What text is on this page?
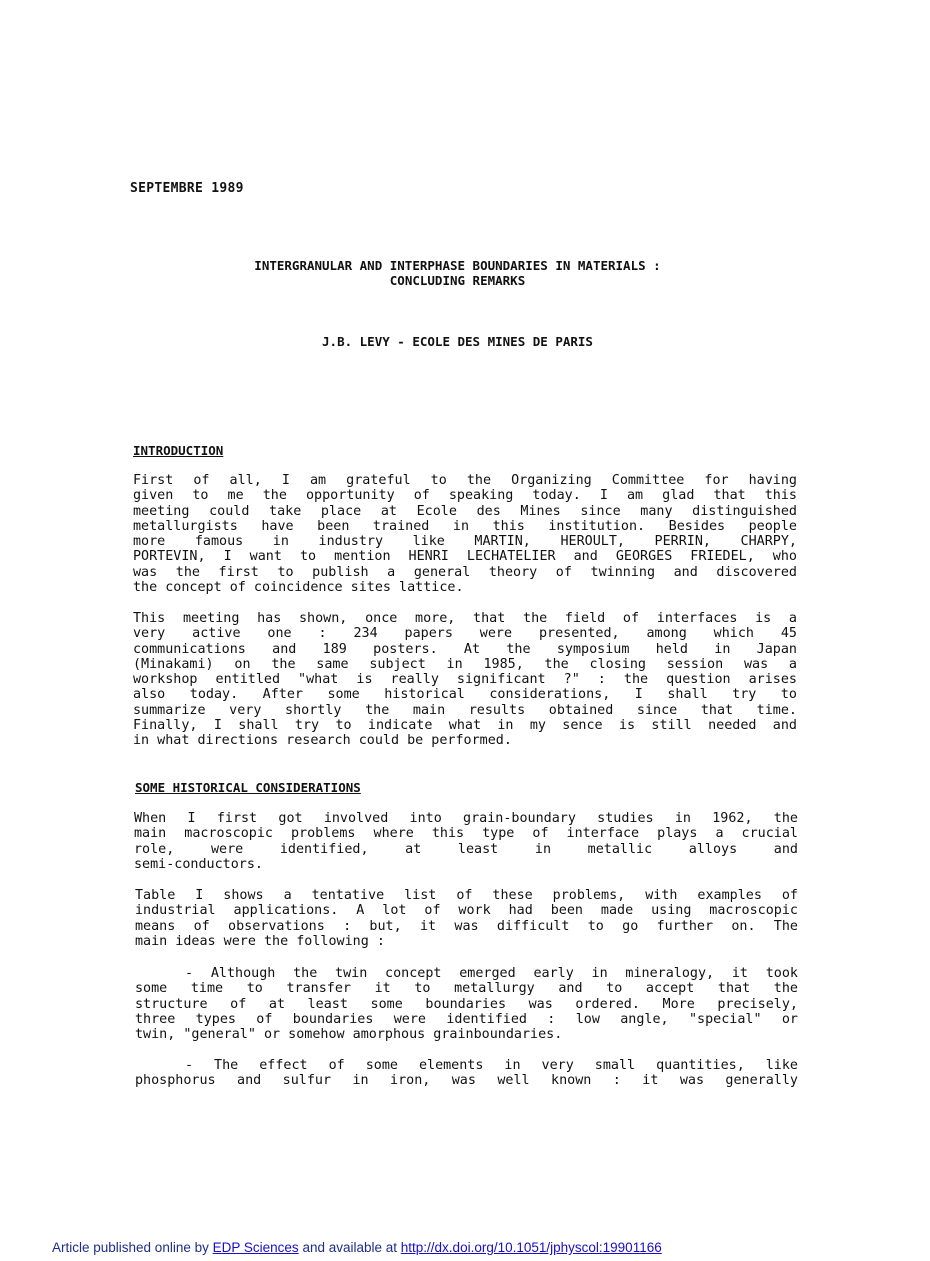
SEPTEMBRE 1989
INTERGRANULAR AND INTERPHASE BOUNDARIES IN MATERIALS :
CONCLUDING REMARKS
J.B. LEVY - ECOLE DES MINES DE PARIS
INTRODUCTION
First of all, I am grateful to the Organizing Committee for having
given to me the opportunity of speaking today. I am glad that this
meeting could take place at Ecole des Mines since many distinguished
metallurgists have been trained in this institution. Besides people
more famous in industry like MARTIN, HEROULT, PERRIN, CHARPY,
PORTEVIN, I want to mention HENRI LECHATELIER and GEORGES FRIEDEL, who
was the first to publish a general theory of twinning and discovered
the concept of coincidence sites lattice.
This meeting has shown, once more, that the field of interfaces is a
very active one : 234 papers were presented, among which 45
communications and 189 posters. At the symposium held in Japan
(Minakami) on the same subject in 1985, the closing session was a
workshop entitled "what is really significant ?" : the question arises
also today. After some historical considerations, I shall try to
summarize very shortly the main results obtained since that time.
Finally, I shall try to indicate what in my sence is still needed and
in what directions research could be performed.
SOME HISTORICAL CONSIDERATIONS
When I first got involved into grain-boundary studies in 1962, the
main macroscopic problems where this type of interface plays a crucial
role, were identified, at least in metallic alloys and
semi-conductors.
Table I shows a tentative list of these problems, with examples of
industrial applications. A lot of work had been made using macroscopic
means of observations : but, it was difficult to go further on. The
main ideas were the following :
- Although the twin concept emerged early in mineralogy, it took
some time to transfer it to metallurgy and to accept that the
structure of at least some boundaries was ordered. More precisely,
three types of boundaries were identified : low angle, "special" or
twin, "general" or somehow amorphous grainboundaries.
- The effect of some elements in very small quantities, like
phosphorus and sulfur in iron, was well known : it was generally
Article published online by EDP Sciences and available at http://dx.doi.org/10.1051/jphyscol:19901166
